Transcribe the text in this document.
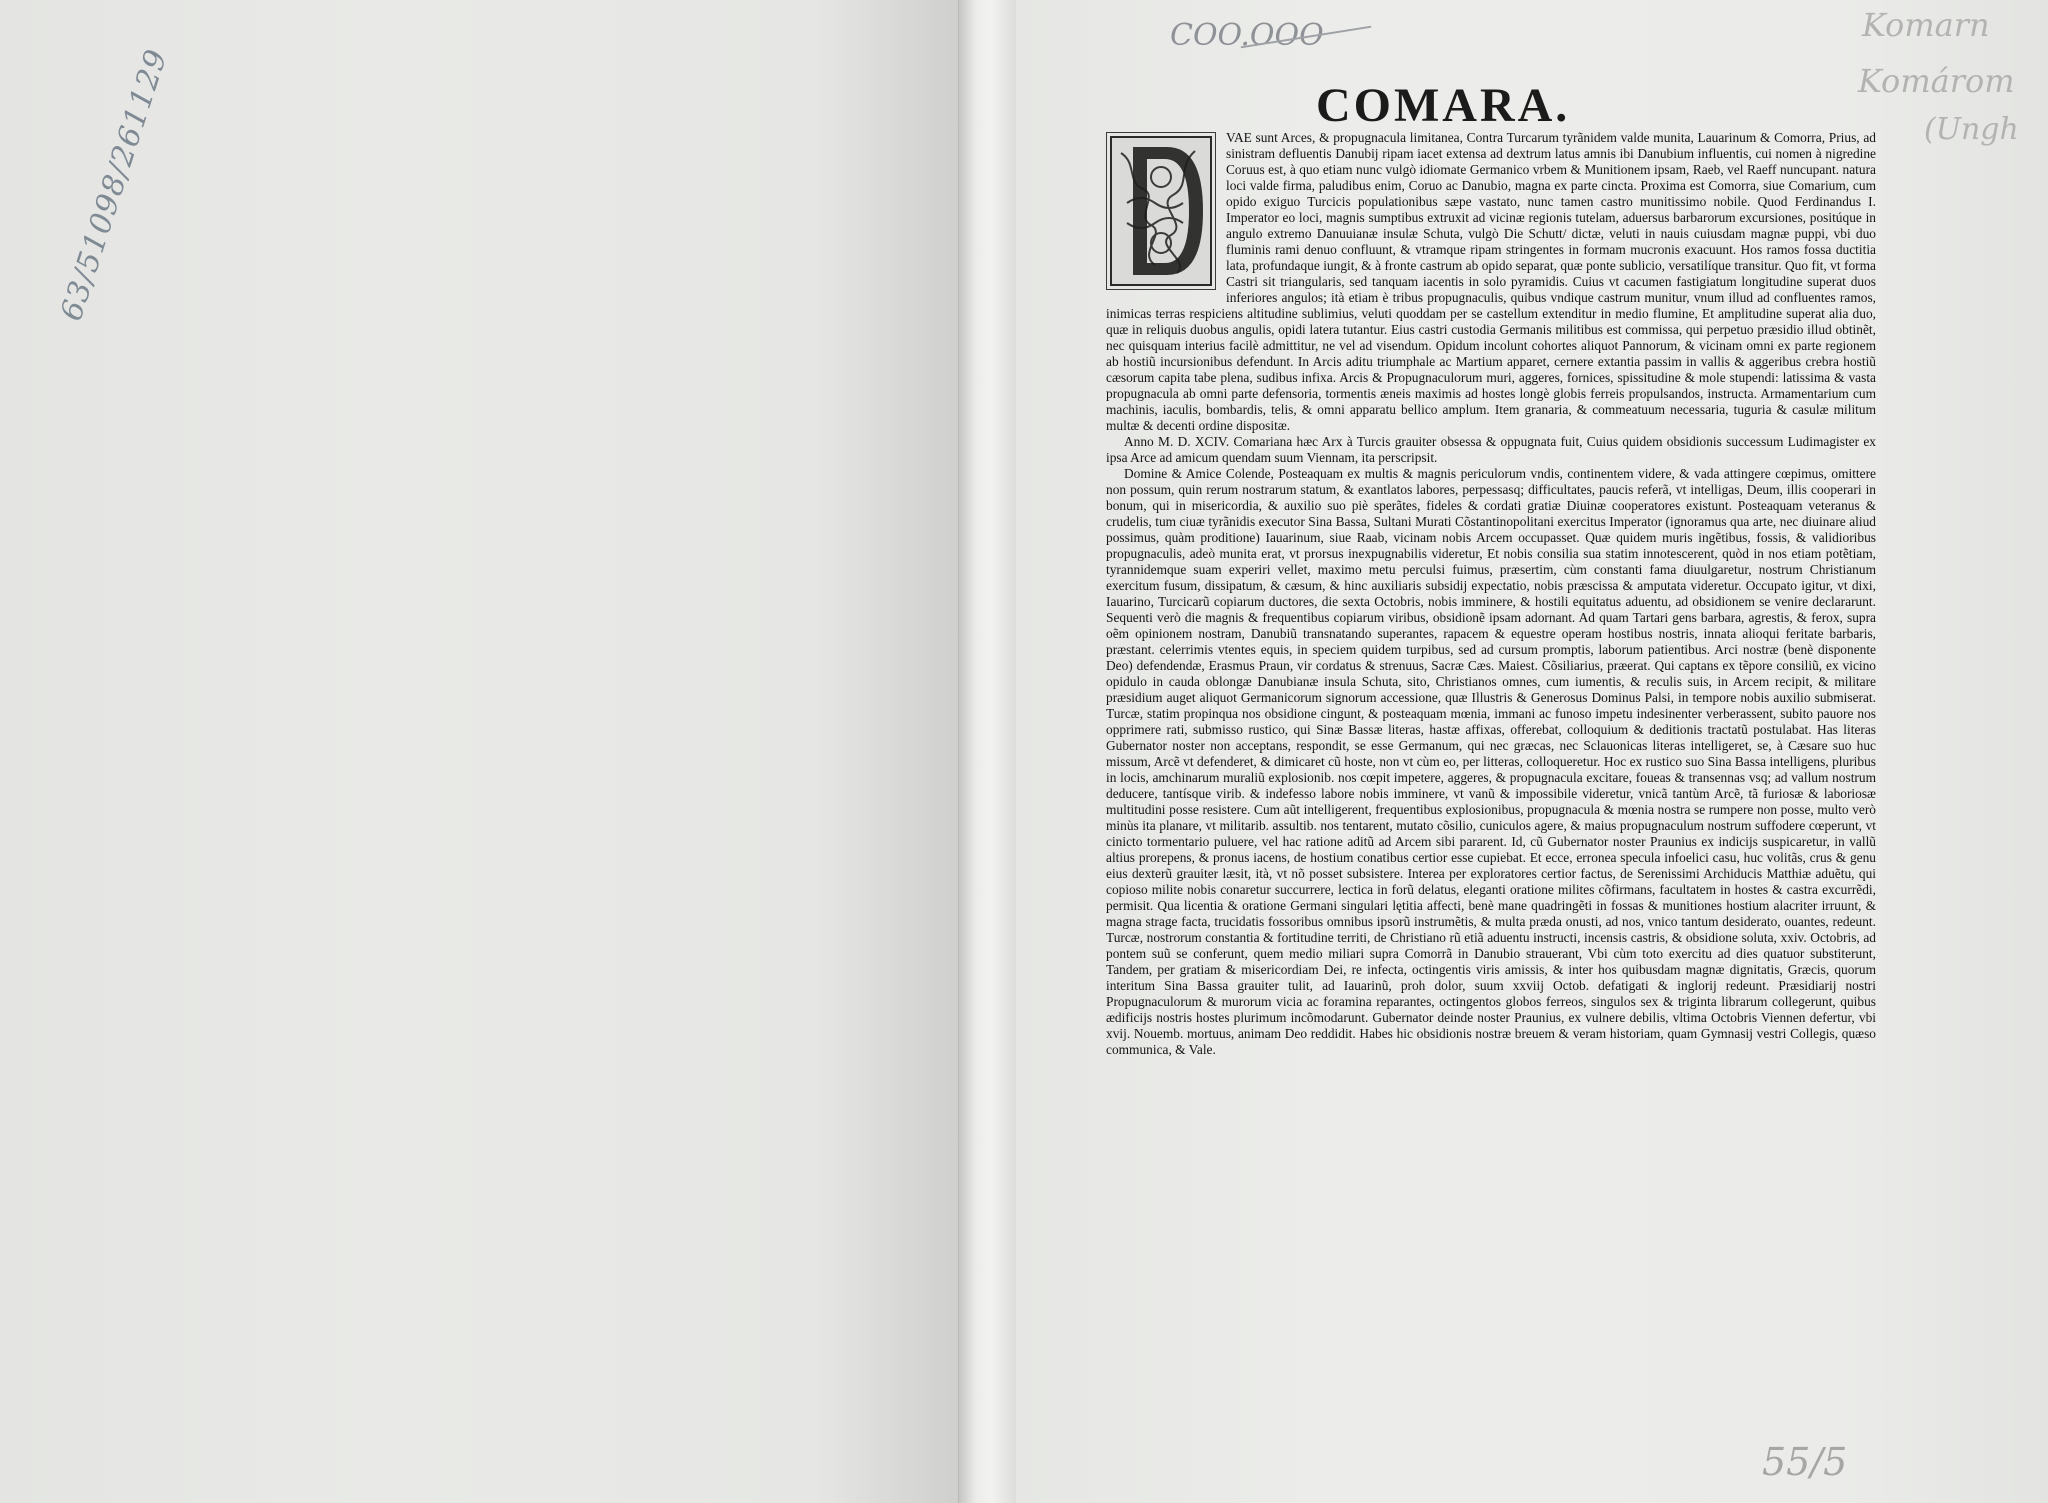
63/51098/261129
COO.OOO	Komarn
Komárom
(Ungh
55/5
COMARA.

VAE sunt Arces, & propugnacula limitanea, Contra Turcarum tyrãnidem valde munita, Lauarinum & Comorra, Prius, ad sinistram defluentis Danubij ripam iacet extensa ad dextrum latus amnis ibi Danubium influentis, cui nomen à nigredine Coruus est, à quo etiam nunc vulgò idiomate Germanico vrbem & Munitionem ipsam, Raeb, vel Raeff nuncupant. natura loci valde firma, paludibus enim, Coruo ac Danubio, magna ex parte cincta. Proxima est Comorra, siue Comarium, cum opido exiguo Turcicis populationibus sæpe vastato, nunc tamen castro munitissimo nobile. Quod Ferdinandus I. Imperator eo loci, magnis sumptibus extruxit ad vicinæ regionis tutelam, aduersus barbarorum excursiones, positúque in angulo extremo Danuuianæ insulæ Schuta, vulgò Die Schutt/ dictæ, veluti in nauis cuiusdam magnæ puppi, vbi duo fluminis rami denuo confluunt, & vtramque ripam stringentes in formam mucronis exacuunt. Hos ramos fossa ductitia lata, profundaque iungit, & à fronte castrum ab opido separat, quæ ponte sublicio, versatilíque transitur. Quo fit, vt forma Castri sit triangularis, sed tanquam iacentis in solo pyramidis. Cuius vt cacumen fastigiatum longitudine superat duos inferiores angulos; ità etiam è tribus propugnaculis, quibus vndique castrum munitur, vnum illud ad confluentes ramos, inimicas terras respiciens altitudine sublimius, veluti quoddam per se castellum extenditur in medio flumine, Et amplitudine superat alia duo, quæ in reliquis duobus angulis, opidi latera tutantur. Eius castri custodia Germanis militibus est commissa, qui perpetuo præsidio illud obtinẽt, nec quisquam interius facilè admittitur, ne vel ad visendum. Opidum incolunt cohortes aliquot Pannorum, & vicinam omni ex parte regionem ab hostiũ incursionibus defendunt. In Arcis aditu triumphale ac Martium apparet, cernere extantia passim in vallis & aggeribus crebra hostiũ cæsorum capita tabe plena, sudibus infixa. Arcis & Propugnaculorum muri, aggeres, fornices, spissitudine & mole stupendi: latissima & vasta propugnacula ab omni parte defensoria, tormentis æneis maximis ad hostes longè globis ferreis propulsandos, instructa. Armamentarium cum machinis, iaculis, bombardis, telis, & omni apparatu bellico amplum. Item granaria, & commeatuum necessaria, tuguria & casulæ militum multæ & decenti ordine dispositæ.

Anno M. D. XCIV. Comariana hæc Arx à Turcis grauiter obsessa & oppugnata fuit, Cuius quidem obsidionis successum Ludimagister ex ipsa Arce ad amicum quendam suum Viennam, ita perscripsit.

Domine & Amice Colende, Posteaquam ex multis & magnis periculorum vndis, continentem videre, & vada attingere cœpimus, omittere non possum, quin rerum nostrarum statum, & exantlatos labores, perpessasq; difficultates, paucis referã, vt intelligas, Deum, illis cooperari in bonum, qui in misericordia, & auxilio suo piè sperãtes, fideles & cordati gratiæ Diuinæ cooperatores existunt. Posteaquam veteranus & crudelis, tum ciuæ tyrãnidis executor Sina Bassa, Sultani Murati Cõstantinopolitani exercitus Imperator (ignoramus qua arte, nec diuinare aliud possimus, quàm proditione) Iauarinum, siue Raab, vicinam nobis Arcem occupasset. Quæ quidem muris ingẽtibus, fossis, & validioribus propugnaculis, adeò munita erat, vt prorsus inexpugnabilis videretur, Et nobis consilia sua statim innotescerent, quòd in nos etiam potẽtiam, tyrannidemque suam experiri vellet, maximo metu perculsi fuimus, præsertim, cùm constanti fama diuulgaretur, nostrum Christianum exercitum fusum, dissipatum, & cæsum, & hinc auxiliaris subsidij expectatio, nobis præscissa & amputata videretur. Occupato igitur, vt dixi, Iauarino, Turcicarũ copiarum ductores, die sexta Octobris, nobis imminere, & hostili equitatus aduentu, ad obsidionem se venire declararunt. Sequenti verò die magnis & frequentibus copiarum viribus, obsidionẽ ipsam adornant. Ad quam Tartari gens barbara, agrestis, & ferox, supra oẽm opinionem nostram, Danubiũ transnatando superantes, rapacem & equestre operam hostibus nostris, innata alioqui feritate barbaris, præstant. celerrimis vtentes equis, in speciem quidem turpibus, sed ad cursum promptis, laborum patientibus. Arci nostræ (benè disponente Deo) defendendæ, Erasmus Praun, vir cordatus & strenuus, Sacræ Cæs. Maiest. Cõsiliarius, præerat. Qui captans ex tẽpore consiliũ, ex vicino opidulo in cauda oblongæ Danubianæ insula Schuta, sito, Christianos omnes, cum iumentis, & reculis suis, in Arcem recipit, & militare præsidium auget aliquot Germanicorum signorum accessione, quæ Illustris & Generosus Dominus Palsi, in tempore nobis auxilio submiserat. Turcæ, statim propinqua nos obsidione cingunt, & posteaquam mœnia, immani ac funoso impetu indesinenter verberassent, subito pauore nos opprimere rati, submisso rustico, qui Sinæ Bassæ literas, hastæ affixas, offerebat, colloquium & deditionis tractatũ postulabat. Has literas Gubernator noster non acceptans, respondit, se esse Germanum, qui nec græcas, nec Sclauonicas literas intelligeret, se, à Cæsare suo huc missum, Arcẽ vt defenderet, & dimicaret cũ hoste, non vt cùm eo, per litteras, colloqueretur. Hoc ex rustico suo Sina Bassa intelligens, pluribus in locis, amchinarum muraliũ explosionib. nos cœpit impetere, aggeres, & propugnacula excitare, foueas & transennas vsq; ad vallum nostrum deducere, tantísque virib. & indefesso labore nobis imminere, vt vanũ & impossibile videretur, vnicã tantùm Arcẽ, tã furiosæ & laboriosæ multitudini posse resistere. Cum aũt intelligerent, frequentibus explosionibus, propugnacula & mœnia nostra se rumpere non posse, multo verò minùs ita planare, vt militarib. assultib. nos tentarent, mutato cõsilio, cuniculos agere, & maius propugnaculum nostrum suffodere cœperunt, vt cinicto tormentario puluere, vel hac ratione aditũ ad Arcem sibi pararent. Id, cũ Gubernator noster Praunius ex indicijs suspicaretur, in vallũ altius prorepens, & pronus iacens, de hostium conatibus certior esse cupiebat. Et ecce, erronea specula infoelici casu, huc volitãs, crus & genu eius dexterũ grauiter læsit, ità, vt nõ posset subsistere. Interea per exploratores certior factus, de Serenissimi Archiducis Matthiæ aduẽtu, qui copioso milite nobis conaretur succurrere, lectica in forũ delatus, eleganti oratione milites cõfirmans, facultatem in hostes & castra excurrẽdi, permisit. Qua licentia & oratione Germani singulari lętitia affecti, benè mane quadringẽti in fossas & munitiones hostium alacriter irruunt, & magna strage facta, trucidatis fossoribus omnibus ipsorũ instrumẽtis, & multa præda onusti, ad nos, vnico tantum desiderato, ouantes, redeunt. Turcæ, nostrorum constantia & fortitudine territi, de Christiano rũ etiã aduentu instructi, incensis castris, & obsidione soluta, xxiv. Octobris, ad pontem suũ se conferunt, quem medio miliari supra Comorrã in Danubio strauerant, Vbi cùm toto exercitu ad dies quatuor substiterunt, Tandem, per gratiam & misericordiam Dei, re infecta, octingentis viris amissis, & inter hos quibusdam magnæ dignitatis, Græcis, quorum interitum Sina Bassa grauiter tulit, ad Iauarinũ, proh dolor, suum xxviij Octob. defatigati & inglorij redeunt. Præsidiarij nostri Propugnaculorum & murorum vicia ac foramina reparantes, octingentos globos ferreos, singulos sex & triginta librarum collegerunt, quibus ædificijs nostris hostes plurimum incõmodarunt. Gubernator deinde noster Praunius, ex vulnere debilis, vltima Octobris Viennen defertur, vbi xvij. Nouemb. mortuus, animam Deo reddidit. Habes hic obsidionis nostræ breuem & veram historiam, quam Gymnasij vestri Collegis, quæso communica, & Vale.
